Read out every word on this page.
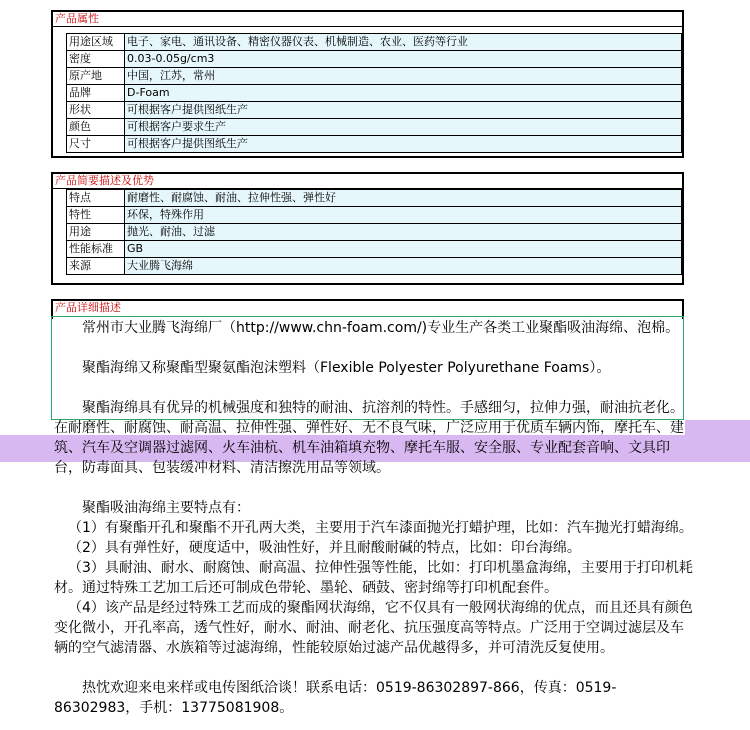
产品属性
用途区域	电子、家电、通讯设备、精密仪器仪表、机械制造、农业、医药等行业
密度	0.03-0.05g/cm3
原产地	中国，江苏，常州
品牌	D-Foam
形状	可根据客户提供图纸生产
颜色	可根据客户要求生产
尺寸	可根据客户提供图纸生产
产品简要描述及优势
特点	耐磨性、耐腐蚀、耐油、拉伸性强、弹性好
特性	环保，特殊作用
用途	抛光、耐油、过滤
性能标准	GB
来源	大业腾飞海绵
产品详细描述

常州市大业腾飞海绵厂（http://www.chn-foam.com/)专业生产各类工业聚酯吸油海绵、泡棉。

聚酯海绵又称聚酯型聚氨酯泡沫塑料（Flexible Polyester Polyurethane Foams）。

聚酯海绵具有优异的机械强度和独特的耐油、抗溶剂的特性。手感细匀，拉伸力强，耐油抗老化。在耐磨性、耐腐蚀、耐高温、拉伸性强、弹性好、无不良气味，广泛应用于优质车辆内饰，摩托车、建筑、汽车及空调器过滤网、火车油杭、机车油箱填充物、摩托车服、安全服、专业配套音响、文具印台，防毒面具、包装缓冲材料、清洁擦洗用品等领域。

聚酯吸油海绵主要特点有：

（1）有聚酯开孔和聚酯不开孔两大类，主要用于汽车漆面抛光打蜡护理，比如：汽车抛光打蜡海绵。

（2）具有弹性好，硬度适中，吸油性好，并且耐酸耐碱的特点，比如：印台海绵。

（3）具耐油、耐水、耐腐蚀、耐高温、拉伸性强等性能，比如：打印机墨盒海绵，主要用于打印机耗材。通过特殊工艺加工后还可制成色带轮、墨轮、硒鼓、密封绵等打印机配套件。

（4）该产品是经过特殊工艺而成的聚酯网状海绵，它不仅具有一般网状海绵的优点，而且还具有颜色变化微小，开孔率高，透气性好，耐水、耐油、耐老化、抗压强度高等特点。广泛用于空调过滤层及车辆的空气滤清器、水族箱等过滤海绵，性能较原始过滤产品优越得多，并可清洗反复使用。

热忱欢迎来电来样或电传图纸洽谈！联系电话：0519-86302897-866，传真：0519-86302983，手机：13775081908。
